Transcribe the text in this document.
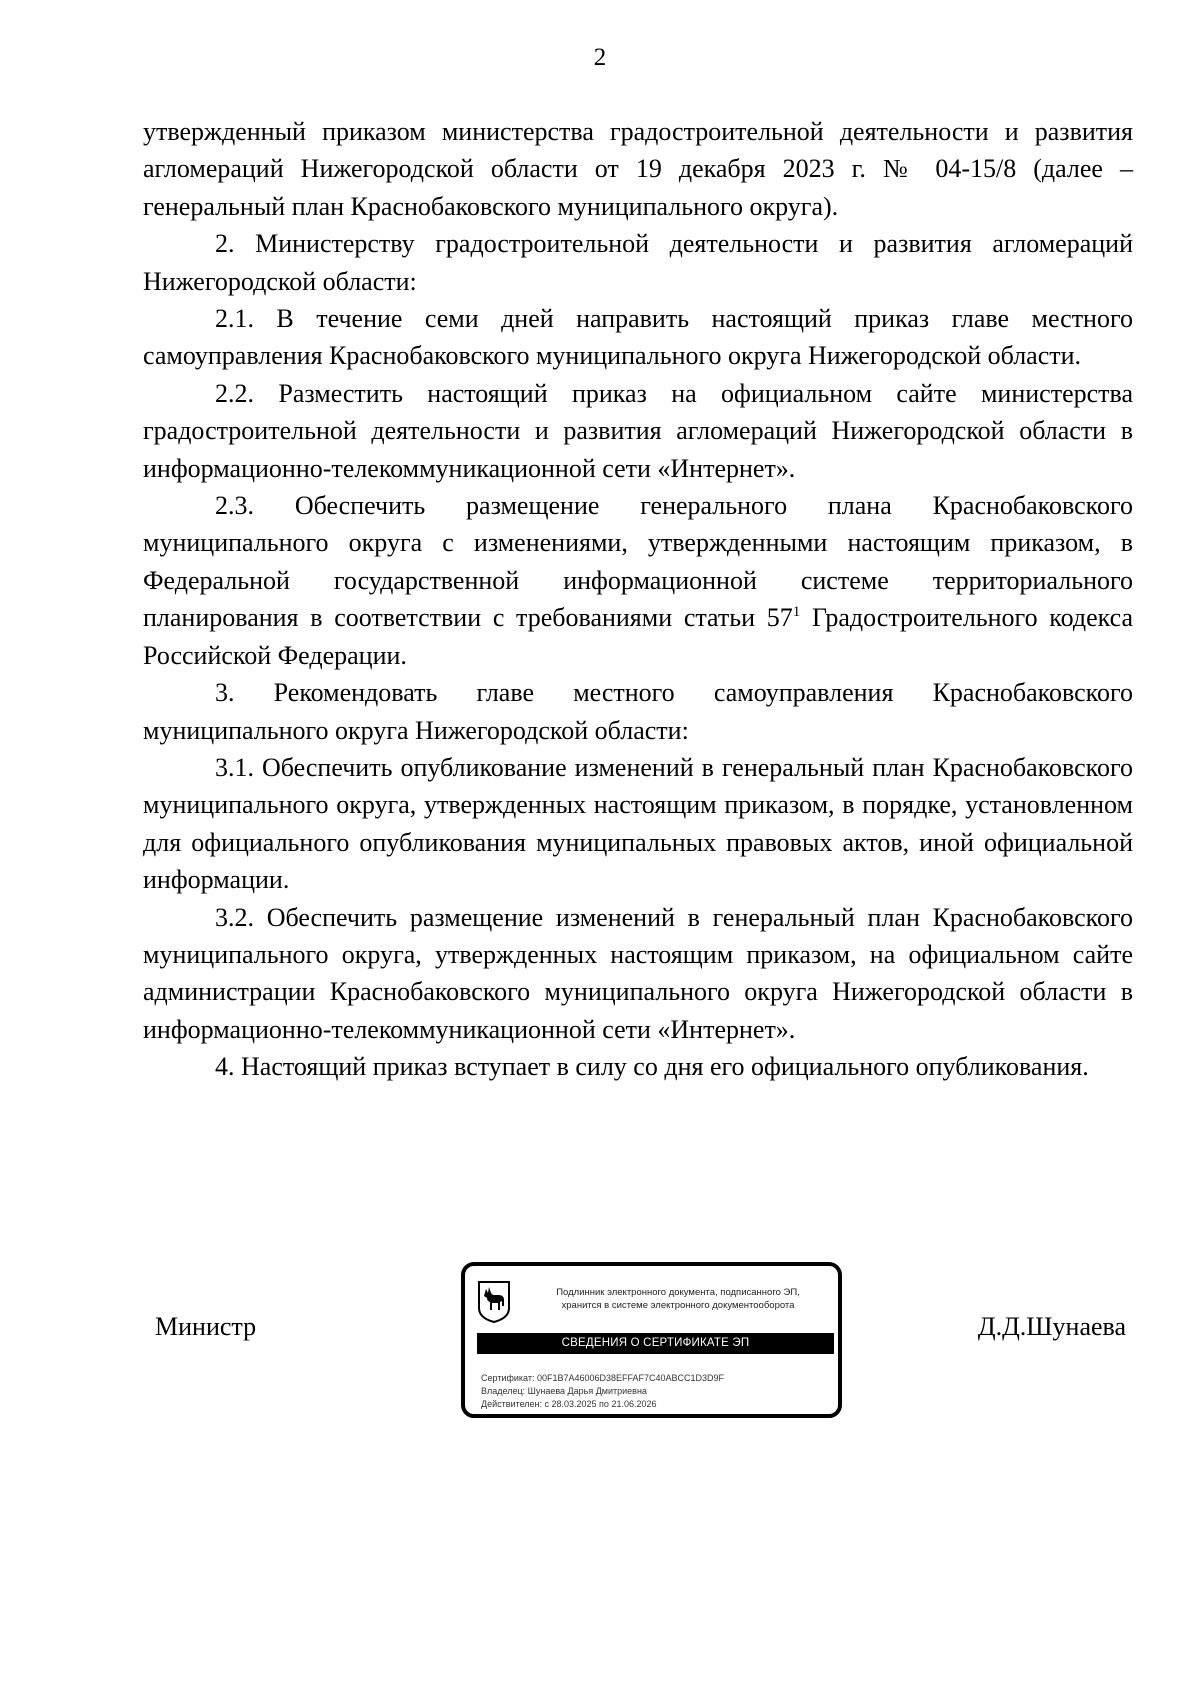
2

утвержденный приказом министерства градостроительной деятельности и развития агломераций Нижегородской области от 19 декабря 2023 г. № 04-15/8 (далее – генеральный план Краснобаковского муниципального округа).

2. Министерству градостроительной деятельности и развития агломераций Нижегородской области:

2.1. В течение семи дней направить настоящий приказ главе местного самоуправления Краснобаковского муниципального округа Нижегородской области.

2.2. Разместить настоящий приказ на официальном сайте министерства градостроительной деятельности и развития агломераций Нижегородской области в информационно-телекоммуникационной сети «Интернет».

2.3. Обеспечить размещение генерального плана Краснобаковского муниципального округа с изменениями, утвержденными настоящим приказом, в Федеральной государственной информационной системе территориального планирования в соответствии с требованиями статьи $57^1$ Градостроительного кодекса Российской Федерации.

3. Рекомендовать главе местного самоуправления Краснобаковского муниципального округа Нижегородской области:

3.1. Обеспечить опубликование изменений в генеральный план Краснобаковского муниципального округа, утвержденных настоящим приказом, в порядке, установленном для официального опубликования муниципальных правовых актов, иной официальной информации.

3.2. Обеспечить размещение изменений в генеральный план Краснобаковского муниципального округа, утвержденных настоящим приказом, на официальном сайте администрации Краснобаковского муниципального округа Нижегородской области в информационно-телекоммуникационной сети «Интернет».

4. Настоящий приказ вступает в силу со дня его официального опубликования.

Министр
Подлинник электронного документа, подписанного ЭП,
хранится в системе электронного документооборота
СВЕДЕНИЯ О СЕРТИФИКАТЕ ЭП
Сертификат: 00F1B7A46006D38EFFAF7C40ABCC1D3D9F
Владелец: Шунаева Дарья Дмитриевна
Действителен: с 28.03.2025 по 21.06.2026
Д.Д.Шунаева
